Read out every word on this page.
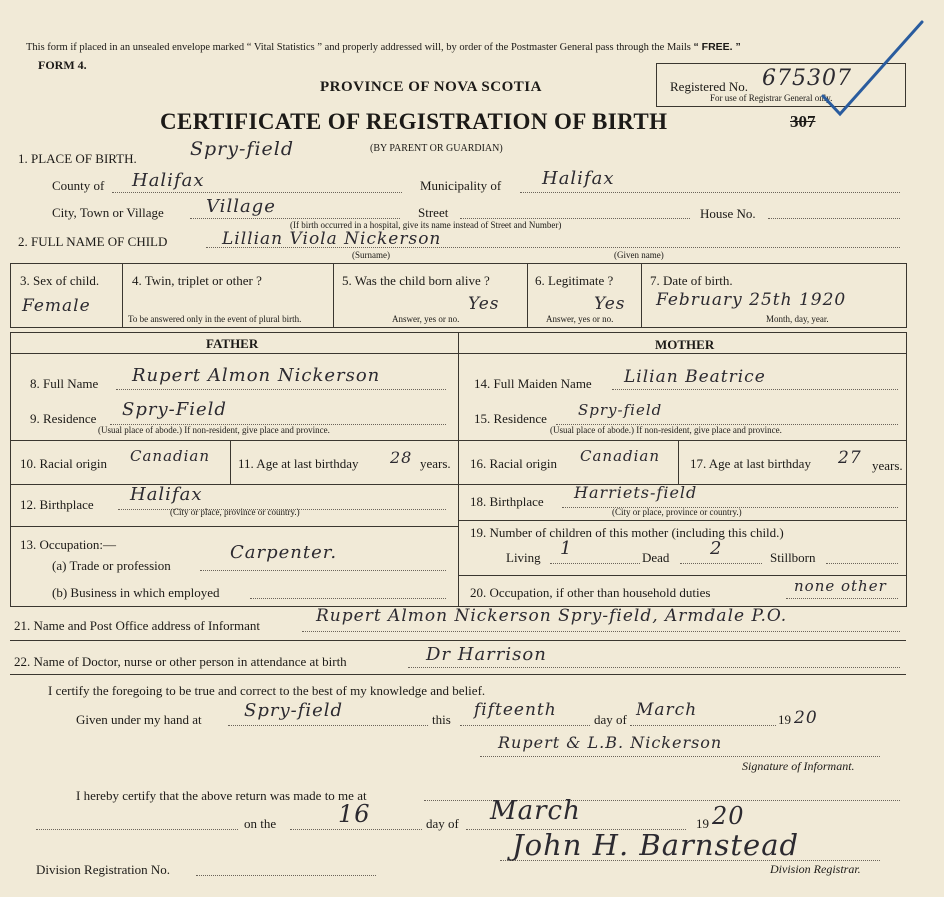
This form if placed in an unsealed envelope marked “ Vital Statistics ” and properly addressed will, by order of the Postmaster General pass through the Mails “ FREE. ”
FORM 4.
Registered No. 675307
For use of Registrar General only.
PROVINCE OF NOVA SCOTIA
CERTIFICATE OF REGISTRATION OF BIRTH	307
(BY PARENT OR GUARDIAN)
1. PLACE OF BIRTH.	Spry-field
County of Halifax	Municipality of Halifax
City, Town or Village Village	Street	House No.
(If birth occurred in a hospital, give its name instead of Street and Number)
2. FULL NAME OF CHILD	Lillian Viola Nickerson
(Surname)	(Given name)
3. Sex of child.
Female
4. Twin, triplet or other ?
To be answered only in the event of plural birth.
5. Was the child born alive ?
Yes
Answer, yes or no.
6. Legitimate ?
Yes
Answer, yes or no.
7. Date of birth.
February 25th 1920
Month, day, year.
FATHER	MOTHER
8. Full Name Rupert Almon Nickerson
9. Residence Spry-Field
(Usual place of abode.) If non-resident, give place and province.
10. Racial origin Canadian 11. Age at last birthday 28 years.
12. Birthplace Halifax
(City or place, province or country.)
13. Occupation:—
(a) Trade or profession
Carpenter.
(b) Business in which employed
14. Full Maiden Name Lilian Beatrice
15. Residence Spry-field
(Usual place of abode.) If non-resident, give place and province.
16. Racial origin Canadian 17. Age at last birthday 27 years.
18. Birthplace Harriets-field
(City or place, province or country.)
19. Number of children of this mother (including this child.)
Living 1	Dead 2	Stillborn
20. Occupation, if other than household duties	none other
21. Name and Post Office address of Informant	Rupert Almon Nickerson Spry-field, Armdale P.O.
22. Name of Doctor, nurse or other person in attendance at birth	Dr Harrison
I certify the foregoing to be true and correct to the best of my knowledge and belief.
Given under my hand at Spry-field	this fifteenth	day of March	19 20
Rupert & L.B. Nickerson
Signature of Informant.
I hereby certify that the above return was made to me at
on the	16	day of March	19 20
John H. Barnstead
Division Registrar.
Division Registration No.
